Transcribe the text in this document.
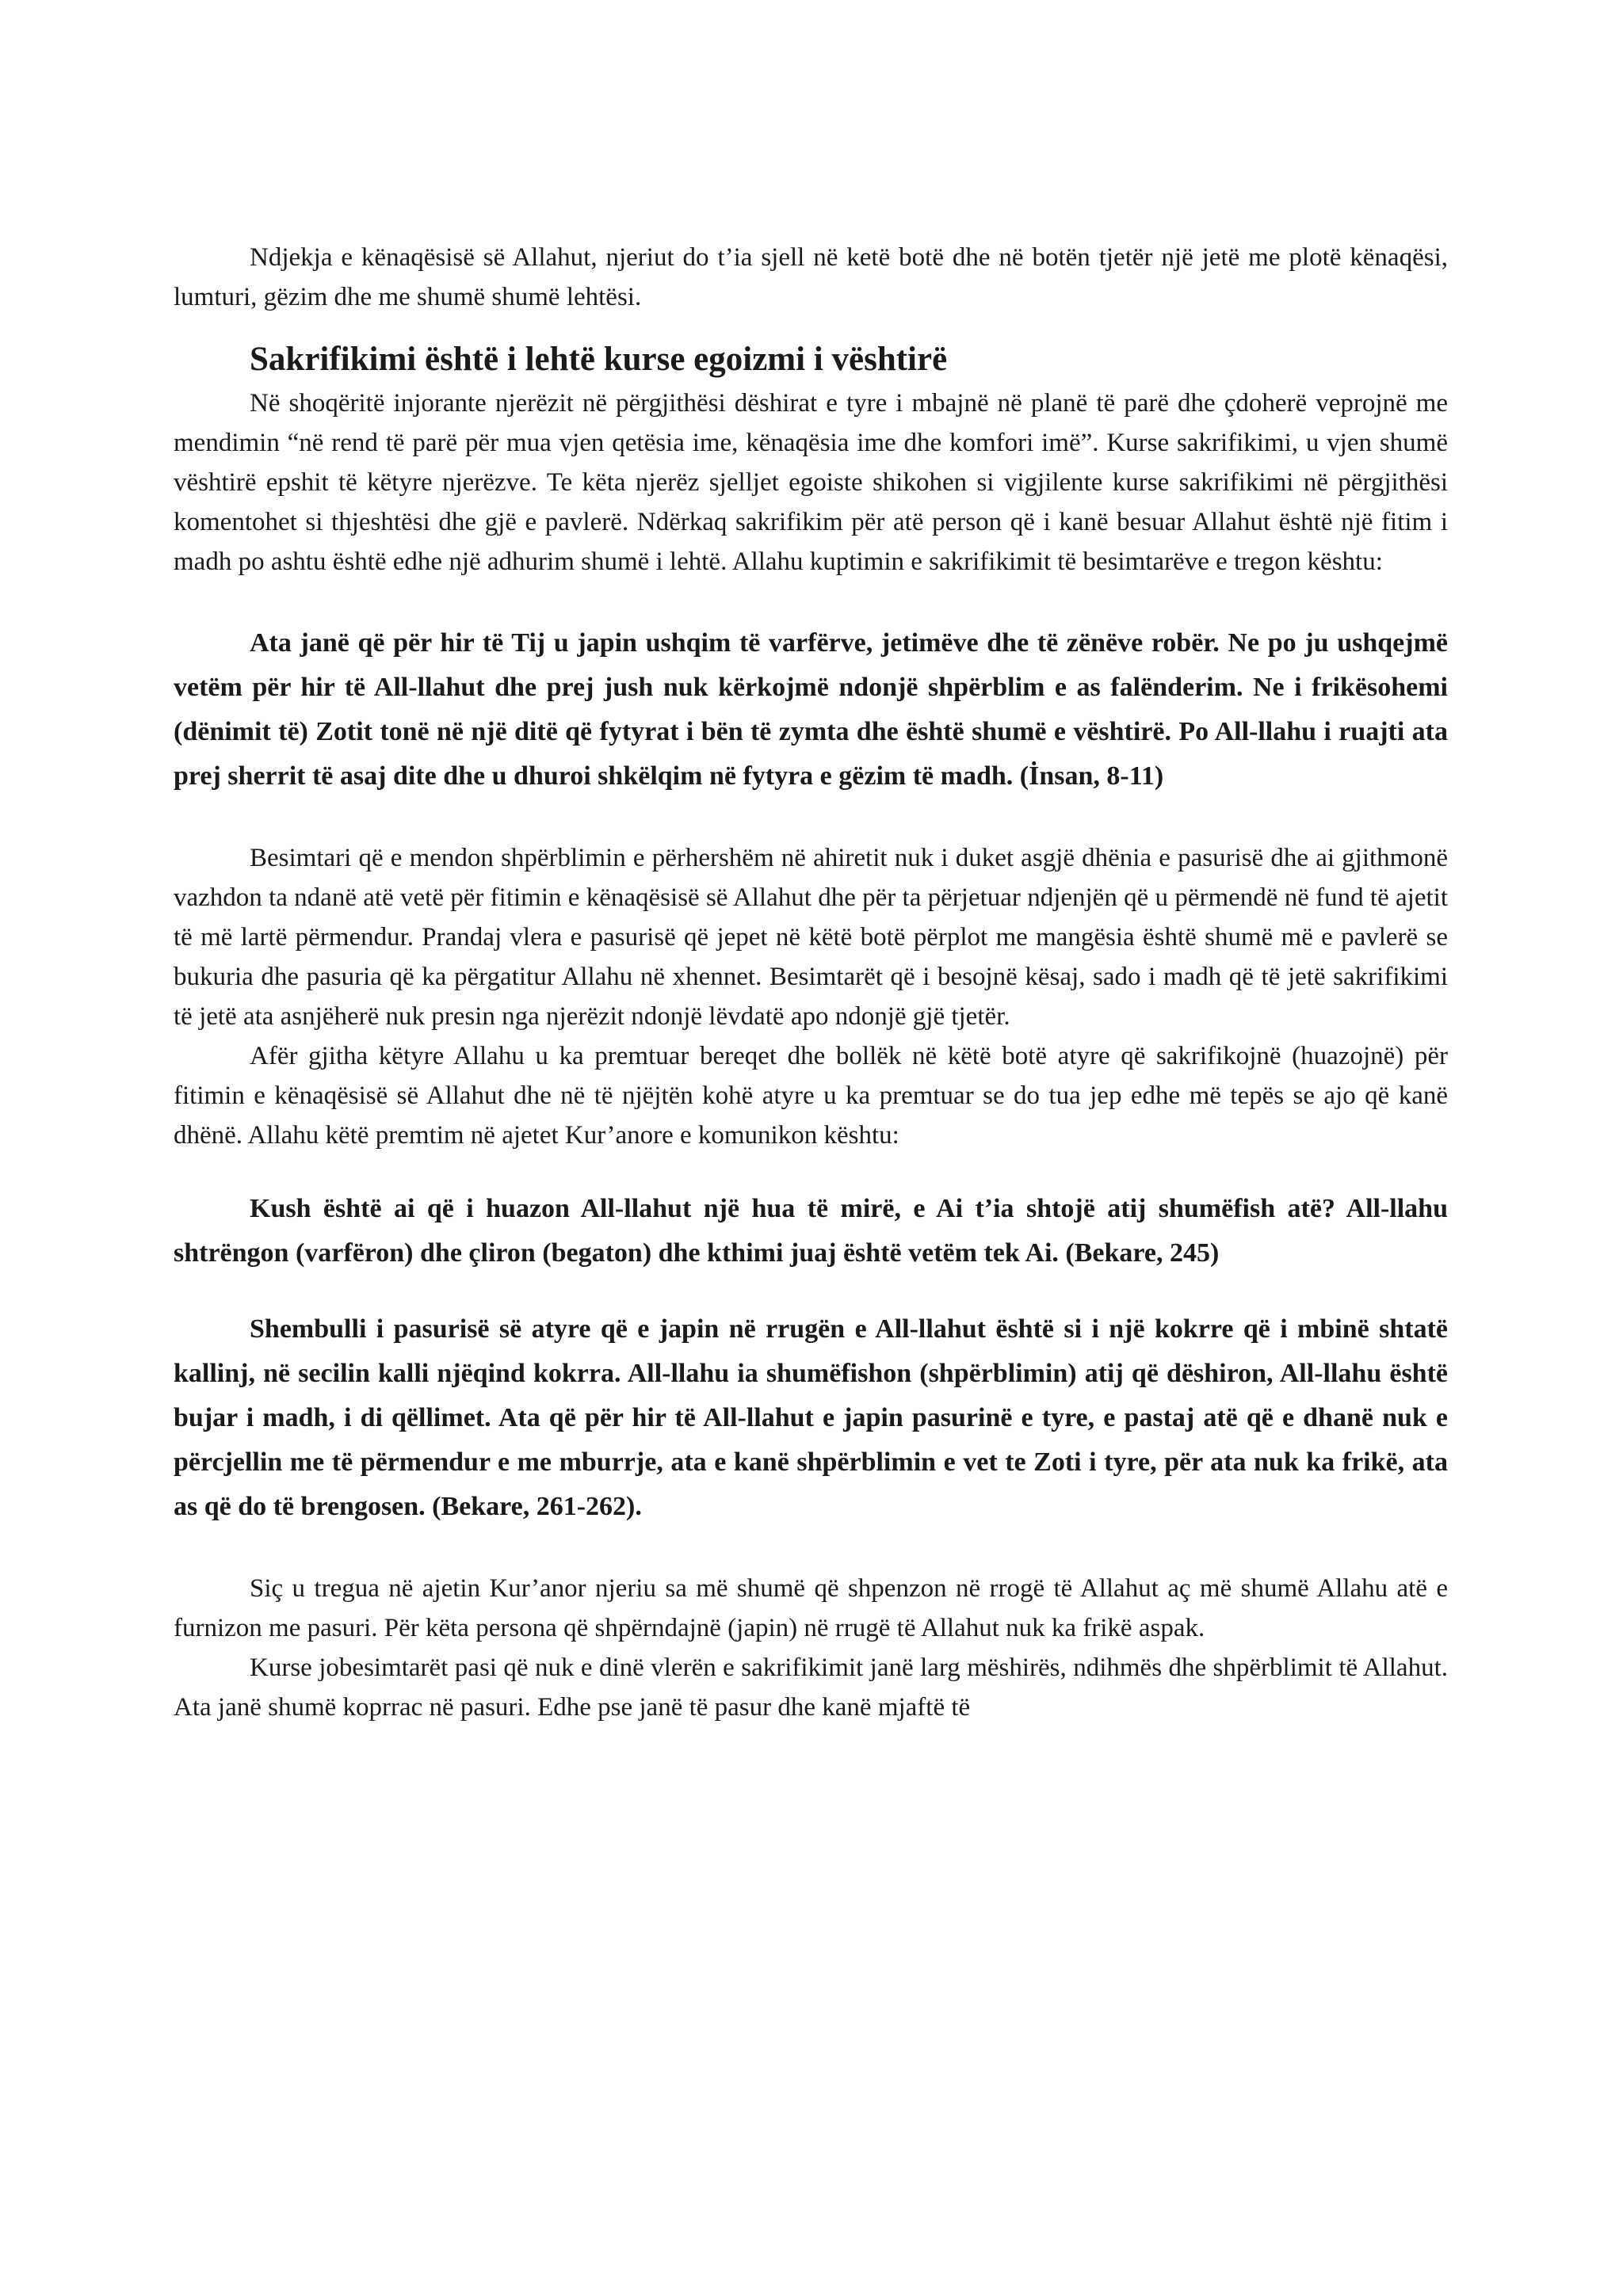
Ndjekja e kënaqësisë së Allahut, njeriut do t’ia sjell në ketë botë dhe në botën tjetër një jetë me plotë kënaqësi, lumturi, gëzim dhe me shumë shumë lehtësi.

Sakrifikimi është i lehtë kurse egoizmi i vështirë

Në shoqëritë injorante njerëzit në përgjithësi dëshirat e tyre i mbajnë në planë të parë dhe çdoherë veprojnë me mendimin “në rend të parë për mua vjen qetësia ime, kënaqësia ime dhe komfori imë”. Kurse sakrifikimi, u vjen shumë vështirë epshit të këtyre njerëzve. Te këta njerëz sjelljet egoiste shikohen si vigjilente kurse sakrifikimi në përgjithësi komentohet si thjeshtësi dhe gjë e pavlerë. Ndërkaq sakrifikim për atë person që i kanë besuar Allahut është një fitim i madh po ashtu është edhe një adhurim shumë i lehtë. Allahu kuptimin e sakrifikimit të besimtarëve e tregon kështu:

Ata janë që për hir të Tij u japin ushqim të varfërve, jetimëve dhe të zënëve robër. Ne po ju ushqejmë vetëm për hir të All-llahut dhe prej jush nuk kërkojmë ndonjë shpërblim e as falënderim. Ne i frikësohemi (dënimit të) Zotit tonë në një ditë që fytyrat i bën të zymta dhe është shumë e vështirë. Po All-llahu i ruajti ata prej sherrit të asaj dite dhe u dhuroi shkëlqim në fytyra e gëzim të madh. (İnsan, 8-11)

Besimtari që e mendon shpërblimin e përhershëm në ahiretit nuk i duket asgjë dhënia e pasurisë dhe ai gjithmonë vazhdon ta ndanë atë vetë për fitimin e kënaqësisë së Allahut dhe për ta përjetuar ndjenjën që u përmendë në fund të ajetit të më lartë përmendur. Prandaj vlera e pasurisë që jepet në këtë botë përplot me mangësia është shumë më e pavlerë se bukuria dhe pasuria që ka përgatitur Allahu në xhennet. Besimtarët që i besojnë kësaj, sado i madh që të jetë sakrifikimi të jetë ata asnjëherë nuk presin nga njerëzit ndonjë lëvdatë apo ndonjë gjë tjetër.

Afër gjitha këtyre Allahu u ka premtuar bereqet dhe bollëk në këtë botë atyre që sakrifikojnë (huazojnë) për fitimin e kënaqësisë së Allahut dhe në të njëjtën kohë atyre u ka premtuar se do tua jep edhe më tepës se ajo që kanë dhënë. Allahu këtë premtim në ajetet Kur’anore e komunikon kështu:

Kush është ai që i huazon All-llahut një hua të mirë, e Ai t’ia shtojë atij shumëfish atë? All-llahu shtrëngon (varfëron) dhe çliron (begaton) dhe kthimi juaj është vetëm tek Ai. (Bekare, 245)

Shembulli i pasurisë së atyre që e japin në rrugën e All-llahut është si i një kokrre që i mbinë shtatë kallinj, në secilin kalli njëqind kokrra. All-llahu ia shumëfishon (shpërblimin) atij që dëshiron, All-llahu është bujar i madh, i di qëllimet. Ata që për hir të All-llahut e japin pasurinë e tyre, e pastaj atë që e dhanë nuk e përcjellin me të përmendur e me mburrje, ata e kanë shpërblimin e vet te Zoti i tyre, për ata nuk ka frikë, ata as që do të brengosen. (Bekare, 261-262).

Siç u tregua në ajetin Kur’anor njeriu sa më shumë që shpenzon në rrogë të Allahut aç më shumë Allahu atë e furnizon me pasuri. Për këta persona që shpërndajnë (japin) në rrugë të Allahut nuk ka frikë aspak.

Kurse jobesimtarët pasi që nuk e dinë vlerën e sakrifikimit janë larg mëshirës, ndihmës dhe shpërblimit të Allahut. Ata janë shumë koprrac në pasuri. Edhe pse janë të pasur dhe kanë mjaftë të
